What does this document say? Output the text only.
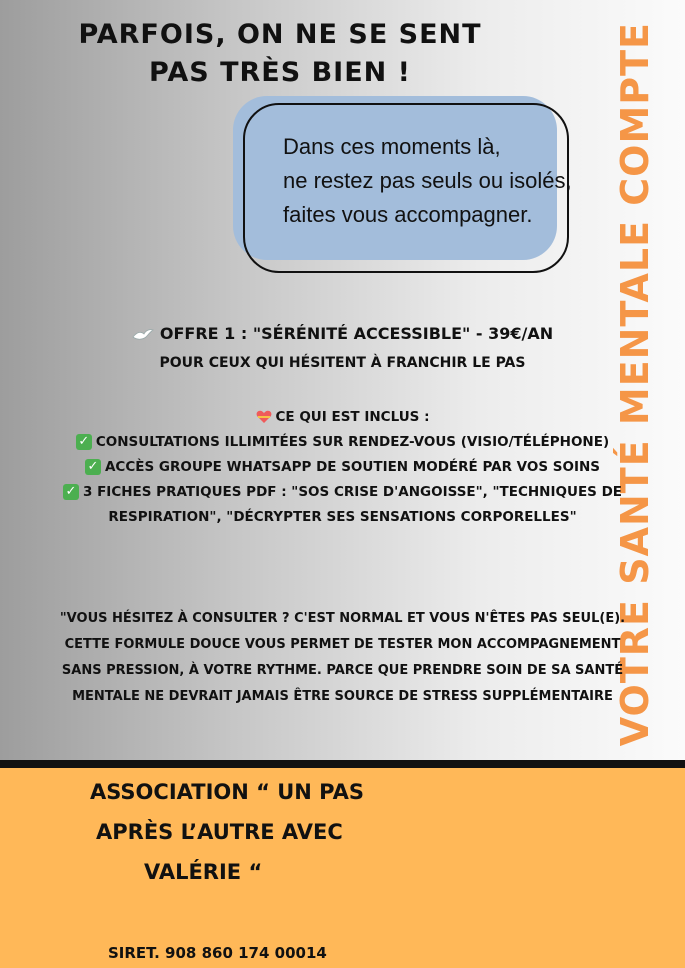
PARFOIS, ON NE SE SENT
PAS TRÈS BIEN !	VOTRE SANTÉ MENTALE COMPTE
Dans ces moments là,
ne restez pas seuls ou isolés,
faites vous accompagner.
OFFRE 1 : "SÉRÉNITÉ ACCESSIBLE" - 39€/AN
POUR CEUX QUI HÉSITENT À FRANCHIR LE PAS
CE QUI EST INCLUS :
✓ CONSULTATIONS ILLIMITÉES SUR RENDEZ-VOUS (VISIO/TÉLÉPHONE)
✓ ACCÈS GROUPE WHATSAPP DE SOUTIEN MODÉRÉ PAR VOS SOINS
✓ 3 FICHES PRATIQUES PDF : "SOS CRISE D'ANGOISSE", "TECHNIQUES DE
RESPIRATION", "DÉCRYPTER SES SENSATIONS CORPORELLES"
"VOUS HÉSITEZ À CONSULTER ? C'EST NORMAL ET VOUS N'ÊTES PAS SEUL(E).
CETTE FORMULE DOUCE VOUS PERMET DE TESTER MON ACCOMPAGNEMENT
SANS PRESSION, À VOTRE RYTHME. PARCE QUE PRENDRE SOIN DE SA SANTÉ
MENTALE NE DEVRAIT JAMAIS ÊTRE SOURCE DE STRESS SUPPLÉMENTAIRE
ASSOCIATION “ UN PAS
APRÈS L’AUTRE AVEC
VALÉRIE “
SIRET. 908 860 174 00014
